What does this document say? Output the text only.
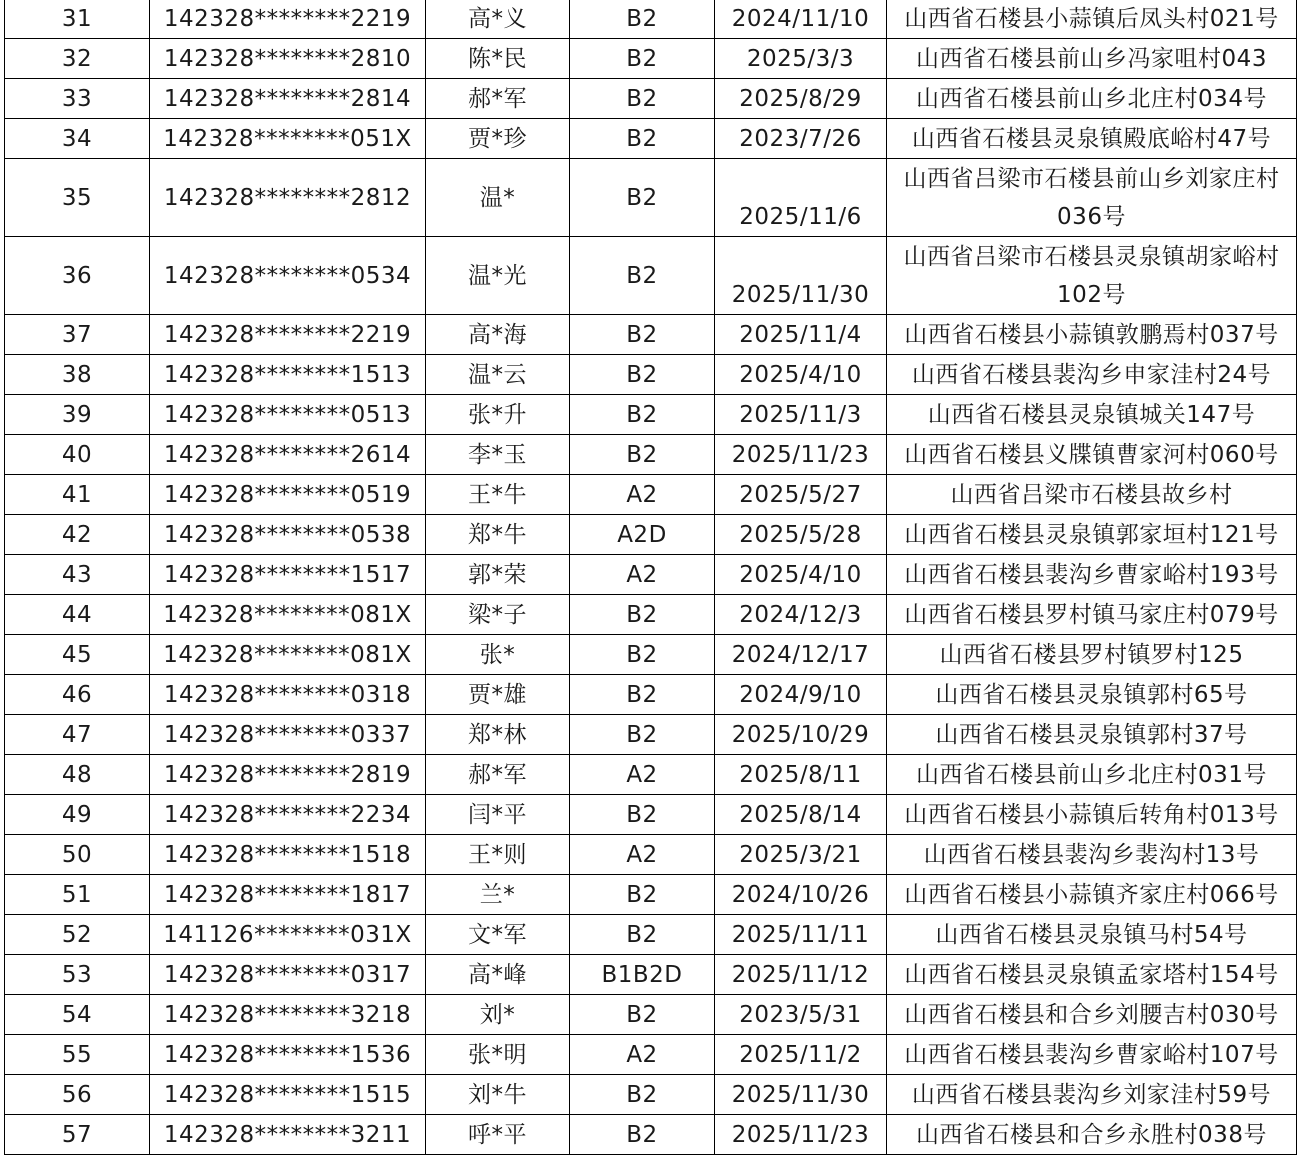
31	142328********2219	高*义	B2	2024/11/10	山西省石楼县小蒜镇后凤头村021号
32	142328********2810	陈*民	B2	2025/3/3	山西省石楼县前山乡冯家咀村043
33	142328********2814	郝*军	B2	2025/8/29	山西省石楼县前山乡北庄村034号
34	142328********051X	贾*珍	B2	2023/7/26	山西省石楼县灵泉镇殿底峪村47号
35	142328********2812	温*	B2	2025/11/6	山西省吕梁市石楼县前山乡刘家庄村036号
36	142328********0534	温*光	B2	2025/11/30	山西省吕梁市石楼县灵泉镇胡家峪村102号
37	142328********2219	高*海	B2	2025/11/4	山西省石楼县小蒜镇敦鹏焉村037号
38	142328********1513	温*云	B2	2025/4/10	山西省石楼县裴沟乡申家洼村24号
39	142328********0513	张*升	B2	2025/11/3	山西省石楼县灵泉镇城关147号
40	142328********2614	李*玉	B2	2025/11/23	山西省石楼县义牒镇曹家河村060号
41	142328********0519	王*牛	A2	2025/5/27	山西省吕梁市石楼县故乡村
42	142328********0538	郑*牛	A2D	2025/5/28	山西省石楼县灵泉镇郭家垣村121号
43	142328********1517	郭*荣	A2	2025/4/10	山西省石楼县裴沟乡曹家峪村193号
44	142328********081X	梁*子	B2	2024/12/3	山西省石楼县罗村镇马家庄村079号
45	142328********081X	张*	B2	2024/12/17	山西省石楼县罗村镇罗村125
46	142328********0318	贾*雄	B2	2024/9/10	山西省石楼县灵泉镇郭村65号
47	142328********0337	郑*林	B2	2025/10/29	山西省石楼县灵泉镇郭村37号
48	142328********2819	郝*军	A2	2025/8/11	山西省石楼县前山乡北庄村031号
49	142328********2234	闫*平	B2	2025/8/14	山西省石楼县小蒜镇后转角村013号
50	142328********1518	王*则	A2	2025/3/21	山西省石楼县裴沟乡裴沟村13号
51	142328********1817	兰*	B2	2024/10/26	山西省石楼县小蒜镇齐家庄村066号
52	141126********031X	文*军	B2	2025/11/11	山西省石楼县灵泉镇马村54号
53	142328********0317	高*峰	B1B2D	2025/11/12	山西省石楼县灵泉镇孟家塔村154号
54	142328********3218	刘*	B2	2023/5/31	山西省石楼县和合乡刘腰吉村030号
55	142328********1536	张*明	A2	2025/11/2	山西省石楼县裴沟乡曹家峪村107号
56	142328********1515	刘*牛	B2	2025/11/30	山西省石楼县裴沟乡刘家洼村59号
57	142328********3211	呼*平	B2	2025/11/23	山西省石楼县和合乡永胜村038号
